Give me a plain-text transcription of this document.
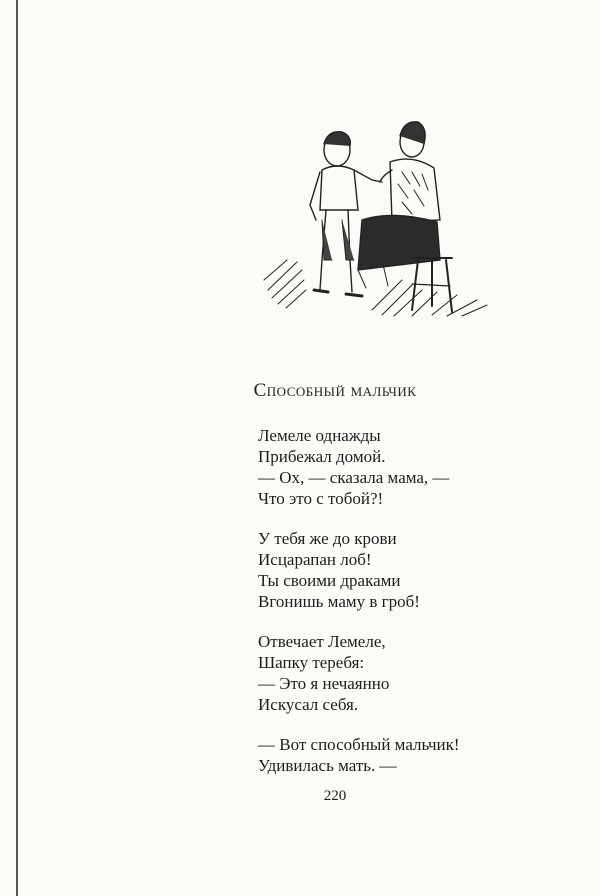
Способный мальчик
Лемеле однажды
Прибежал домой.
— Ох, — сказала мама, —
Что это с тобой?!
У тебя же до крови
Исцарапан лоб!
Ты своими драками
Вгонишь маму в гроб!
Отвечает Лемеле,
Шапку теребя:
— Это я нечаянно
Искусал себя.
— Вот способный мальчик!
Удивилась мать. —
220
